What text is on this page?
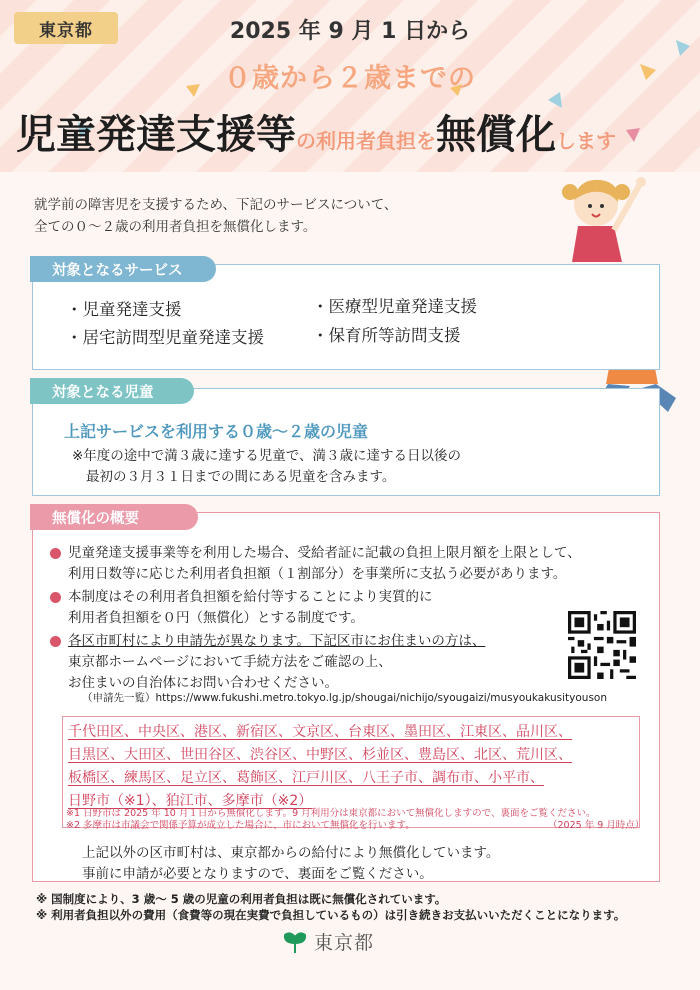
東京都	2025 年 9 月 1 日から
０歳から２歳までの
児童発達支援等の利用者負担を無償化します
就学前の障害児を支援するため、下記のサービスについて、
全ての０～２歳の利用者負担を無償化します。
対象となるサービス
・児童発達支援	・医療型児童発達支援
・居宅訪問型児童発達支援	・保育所等訪問支援
対象となる児童
上記サービスを利用する０歳～２歳の児童
※年度の途中で満３歳に達する児童で、満３歳に達する日以後の
最初の３月３１日までの間にある児童を含みます。
無償化の概要
児童発達支援事業等を利用した場合、受給者証に記載の負担上限月額を上限として、
利用日数等に応じた利用者負担額（１割部分）を事業所に支払う必要があります。
本制度はその利用者負担額を給付等することにより実質的に
利用者負担額を０円（無償化）とする制度です。
各区市町村により申請先が異なります。下記区市にお住まいの方は、
東京都ホームページにおいて手続方法をご確認の上、
お住まいの自治体にお問い合わせください。
（申請先一覧）https://www.fukushi.metro.tokyo.lg.jp/shougai/nichijo/syougaizi/musyoukakusityouson
千代田区、中央区、港区、新宿区、文京区、台東区、墨田区、江東区、品川区、
目黒区、大田区、世田谷区、渋谷区、中野区、杉並区、豊島区、北区、荒川区、
板橋区、練馬区、足立区、葛飾区、江戸川区、八王子市、調布市、小平市、
日野市（※1）、狛江市、多摩市（※2）
※1 日野市は 2025 年 10 月１日から無償化します。9 月利用分は東京都において無償化しますので、裏面をご覧ください。
※2 多摩市は市議会で関係予算が成立した場合に、市において無償化を行います。	（2025 年 9 月時点）
上記以外の区市町村は、東京都からの給付により無償化しています。
事前に申請が必要となりますので、裏面をご覧ください。
※ 国制度により、3 歳～ 5 歳の児童の利用者負担は既に無償化されています。
※ 利用者負担以外の費用（食費等の現在実費で負担しているもの）は引き続きお支払いいただくことになります。
東京都
